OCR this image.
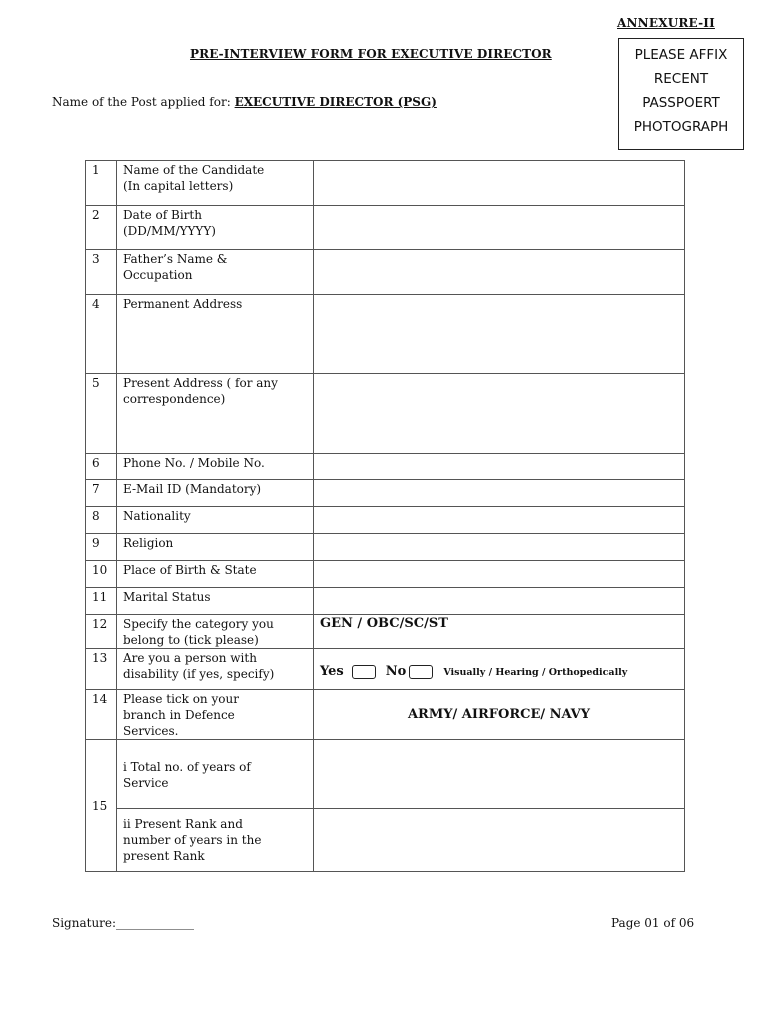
ANNEXURE-II
PRE-INTERVIEW FORM FOR EXECUTIVE DIRECTOR
Name of the Post applied for: EXECUTIVE DIRECTOR (PSG)
PLEASE AFFIX
RECENT
PASSPOERT
PHOTOGRAPH
1	Name of the Candidate
(In capital letters)	
2	Date of Birth
(DD/MM/YYYY)	
3	Father’s Name &
Occupation	
4	Permanent Address	
5	Present Address ( for any
correspondence)	
6	Phone No. / Mobile No.	
7	E-Mail ID (Mandatory)	
8	Nationality	
9	Religion	
10	Place of Birth & State	
11	Marital Status	
12	Specify the category you
belong to (tick please)	GEN / OBC/SC/ST
13	Are you a person with
disability (if yes, specify)	Yes No Visually / Hearing / Orthopedically
14	Please tick on your
branch in Defence
Services.	ARMY/ AIRFORCE/ NAVY
15	i Total no. of years of
Service	
	ii Present Rank and
number of years in the
present Rank	
Signature:_____________	Page 01 of 06
